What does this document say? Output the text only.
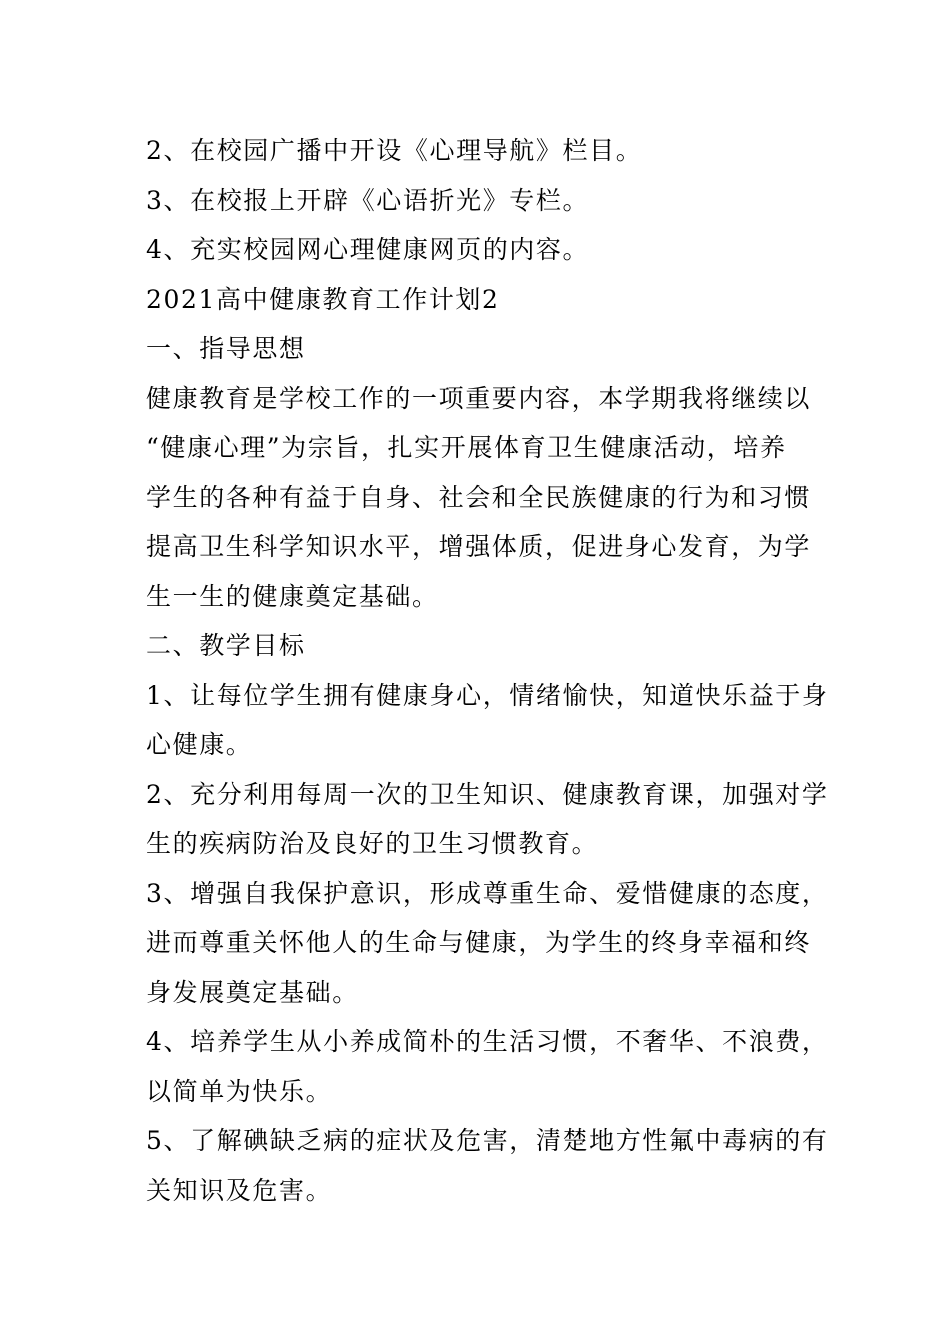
2、在校园广播中开设《心理导航》栏目。

3、在校报上开辟《心语折光》专栏。

4、充实校园网心理健康网页的内容。

2021高中健康教育工作计划2

一、指导思想

健康教育是学校工作的一项重要内容，本学期我将继续以

“健康心理”为宗旨，扎实开展体育卫生健康活动，培养

学生的各种有益于自身、社会和全民族健康的行为和习惯

提高卫生科学知识水平，增强体质，促进身心发育，为学

生一生的健康奠定基础。

二、教学目标

1、让每位学生拥有健康身心，情绪愉快，知道快乐益于身

心健康。

2、充分利用每周一次的卫生知识、健康教育课，加强对学

生的疾病防治及良好的卫生习惯教育。

3、增强自我保护意识，形成尊重生命、爱惜健康的态度，

进而尊重关怀他人的生命与健康，为学生的终身幸福和终

身发展奠定基础。

4、培养学生从小养成简朴的生活习惯，不奢华、不浪费，

以简单为快乐。

5、了解碘缺乏病的症状及危害，清楚地方性氟中毒病的有

关知识及危害。
